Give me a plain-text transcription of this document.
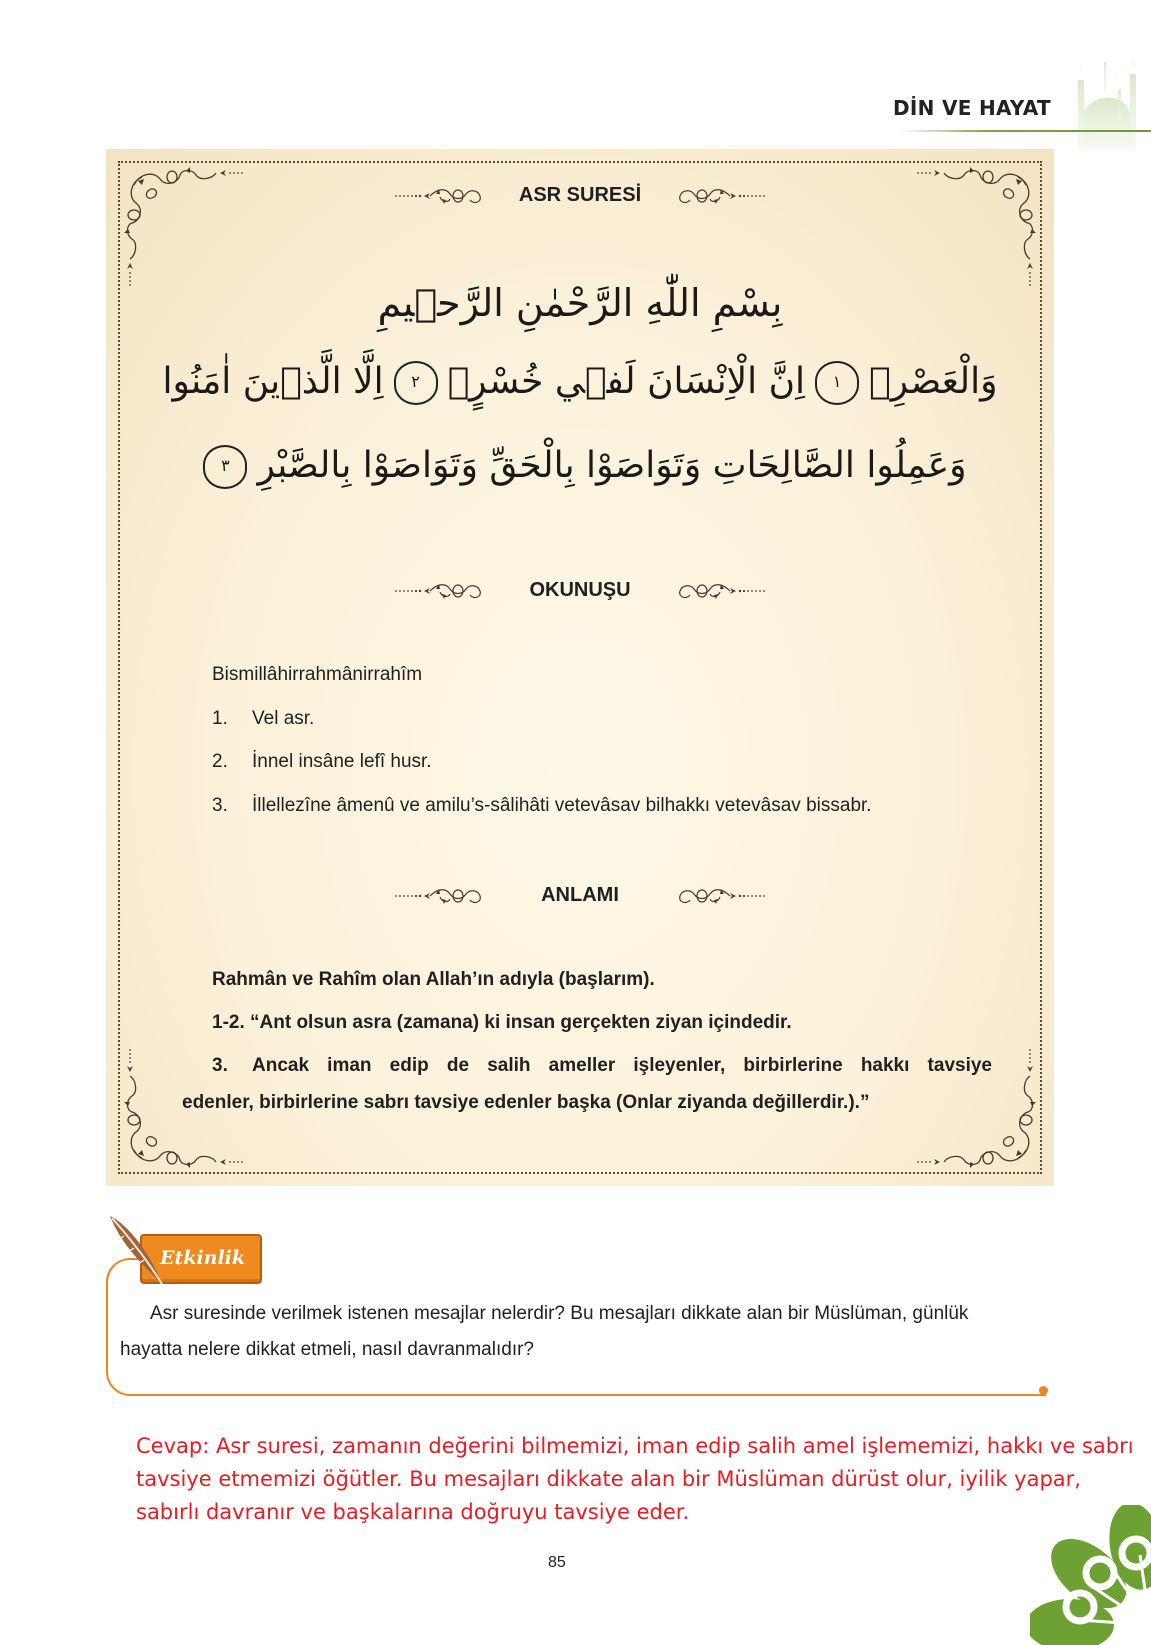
DİN VE HAYAT
ASR SURESİ
بِسْمِ اللّٰهِ الرَّحْمٰنِ الرَّح۪يمِ
وَالْعَصْرِۙ١اِنَّ الْاِنْسَانَ لَف۪ي خُسْرٍۙ٢اِلَّا الَّذ۪ينَ اٰمَنُوا
وَعَمِلُوا الصَّالِحَاتِ وَتَوَاصَوْا بِالْحَقِّ وَتَوَاصَوْا بِالصَّبْرِ٣
OKUNUŞU
Bismillâhirrahmânirrahîm
1. Vel asr.
2. İnnel insâne lefî husr.
3. İllellezîne âmenû ve amilu’s-sâlihâti vetevâsav bilhakkı vetevâsav bissabr.
ANLAMI
Rahmân ve Rahîm olan Allah’ın adıyla (başlarım).
1-2. “Ant olsun asra (zamana) ki insan gerçekten ziyan içindedir.
3.	Ancak iman edip de salih ameller işleyenler, birbirlerine hakkı tavsiye
edenler, birbirlerine sabrı tavsiye edenler başka (Onlar ziyanda değillerdir.).”
Etkinlik
Asr suresinde verilmek istenen mesajlar nelerdir? Bu mesajları dikkate alan bir Müslüman, günlük
hayatta nelere dikkat etmeli, nasıl davranmalıdır?
Cevap: Asr suresi, zamanın değerini bilmemizi, iman edip salih amel işlememizi, hakkı ve sabrı
tavsiye etmemizi öğütler. Bu mesajları dikkate alan bir Müslüman dürüst olur, iyilik yapar,
sabırlı davranır ve başkalarına doğruyu tavsiye eder.
85
